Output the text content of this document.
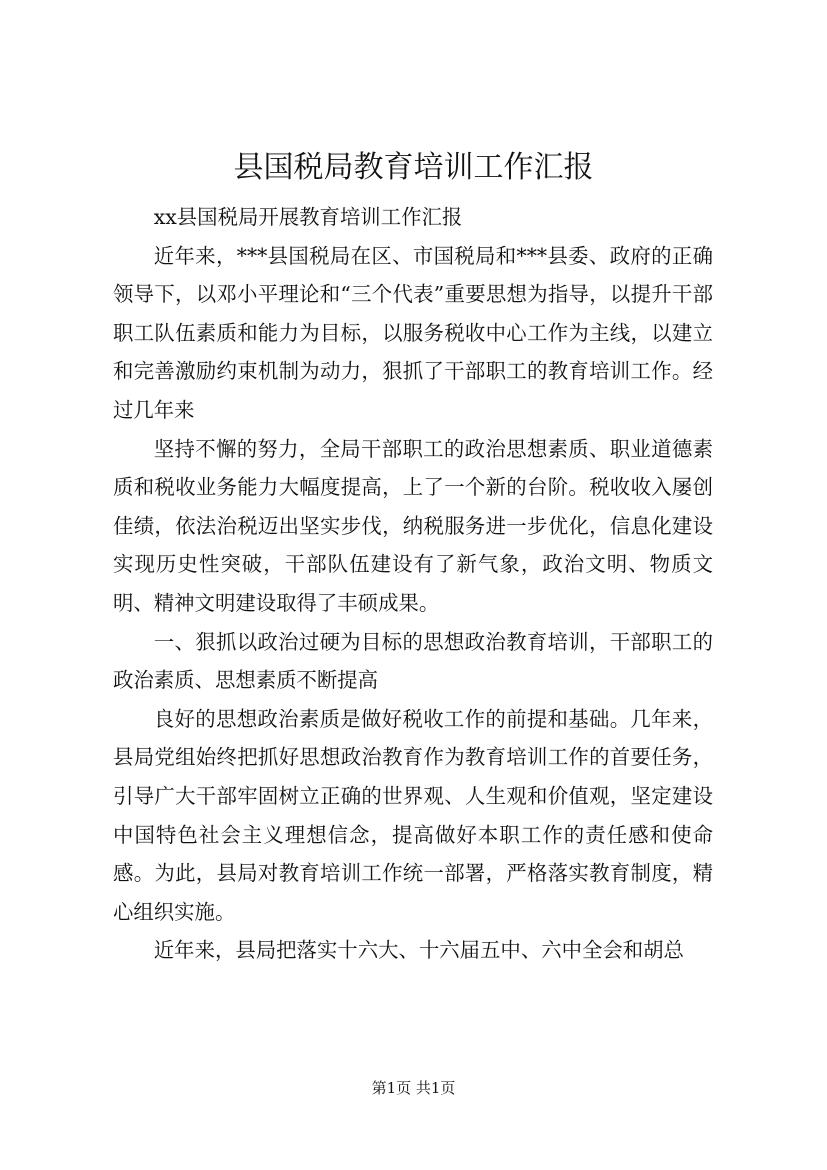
县国税局教育培训工作汇报

xx县国税局开展教育培训工作汇报

近年来，***县国税局在区、市国税局和***县委、政府的正确领导下，以邓小平理论和“三个代表”重要思想为指导，以提升干部职工队伍素质和能力为目标，以服务税收中心工作为主线，以建立和完善激励约束机制为动力，狠抓了干部职工的教育培训工作。经过几年来

坚持不懈的努力，全局干部职工的政治思想素质、职业道德素质和税收业务能力大幅度提高，上了一个新的台阶。税收收入屡创佳绩，依法治税迈出坚实步伐，纳税服务进一步优化，信息化建设实现历史性突破，干部队伍建设有了新气象，政治文明、物质文明、精神文明建设取得了丰硕成果。

一、狠抓以政治过硬为目标的思想政治教育培训，干部职工的政治素质、思想素质不断提高

良好的思想政治素质是做好税收工作的前提和基础。几年来，县局党组始终把抓好思想政治教育作为教育培训工作的首要任务，引导广大干部牢固树立正确的世界观、人生观和价值观，坚定建设中国特色社会主义理想信念，提高做好本职工作的责任感和使命感。为此，县局对教育培训工作统一部署，严格落实教育制度，精心组织实施。

近年来，县局把落实十六大、十六届五中、六中全会和胡总

第1页 共1页
